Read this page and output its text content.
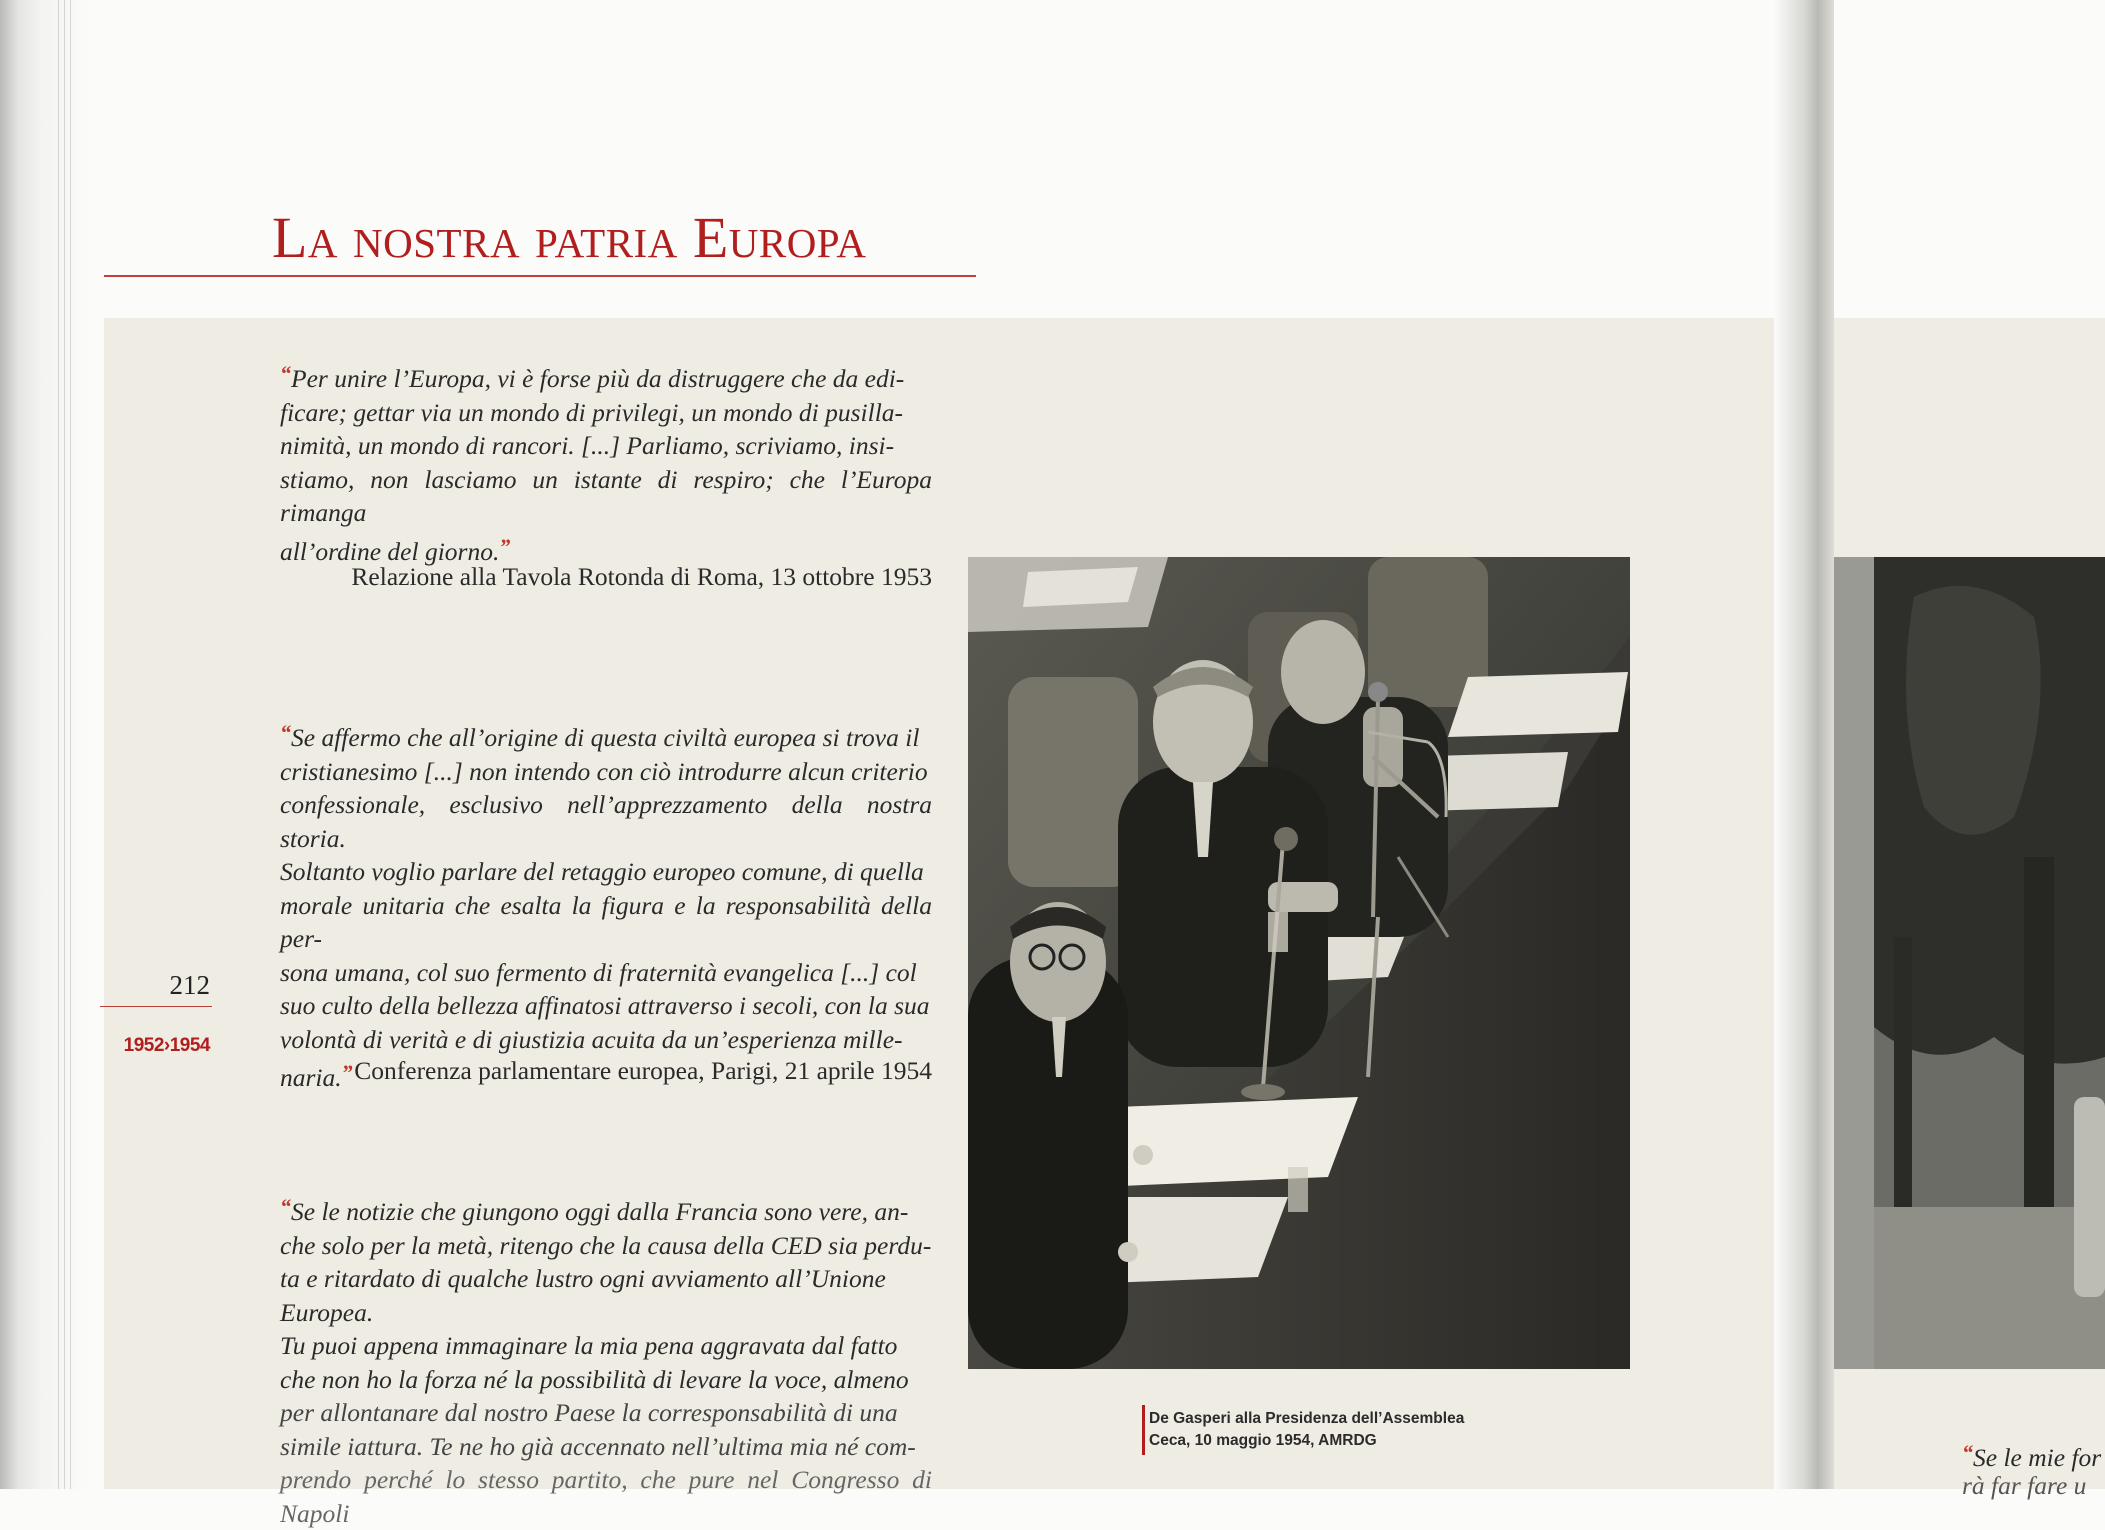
La nostra patria Europa
212
1952›1954

“Per unire l’Europa, vi è forse più da distruggere che da edi-
ficare; gettar via un mondo di privilegi, un mondo di pusilla-
nimità, un mondo di rancori. [...] Parliamo, scriviamo, insi-
stiamo, non lasciamo un istante di respiro; che l’Europa rimanga
all’ordine del giorno.”

Relazione alla Tavola Rotonda di Roma, 13 ottobre 1953

“Se affermo che all’origine di questa civiltà europea si trova il
cristianesimo [...] non intendo con ciò introdurre alcun criterio
confessionale, esclusivo nell’apprezzamento della nostra storia.
Soltanto voglio parlare del retaggio europeo comune, di quella
morale unitaria che esalta la figura e la responsabilità della per-
sona umana, col suo fermento di fraternità evangelica [...] col
suo culto della bellezza affinatosi attraverso i secoli, con la sua
volontà di verità e di giustizia acuita da un’esperienza mille-
naria.” Conferenza parlamentare europea, Parigi, 21 aprile 1954

“Se le notizie che giungono oggi dalla Francia sono vere, an-
che solo per la metà, ritengo che la causa della CED sia perdu-
ta e ritardato di qualche lustro ogni avviamento all’Unione
Europea.
Tu puoi appena immaginare la mia pena aggravata dal fatto
che non ho la forza né la possibilità di levare la voce, almeno
per allontanare dal nostro Paese la corresponsabilità di una
simile iattura. Te ne ho già accennato nell’ultima mia né com-
prendo perché lo stesso partito, che pure nel Congresso di Napoli

De Gasperi alla Presidenza dell’Assemblea
Ceca, 10 maggio 1954, AMRDG	“Se le mie for

rà far fare u
